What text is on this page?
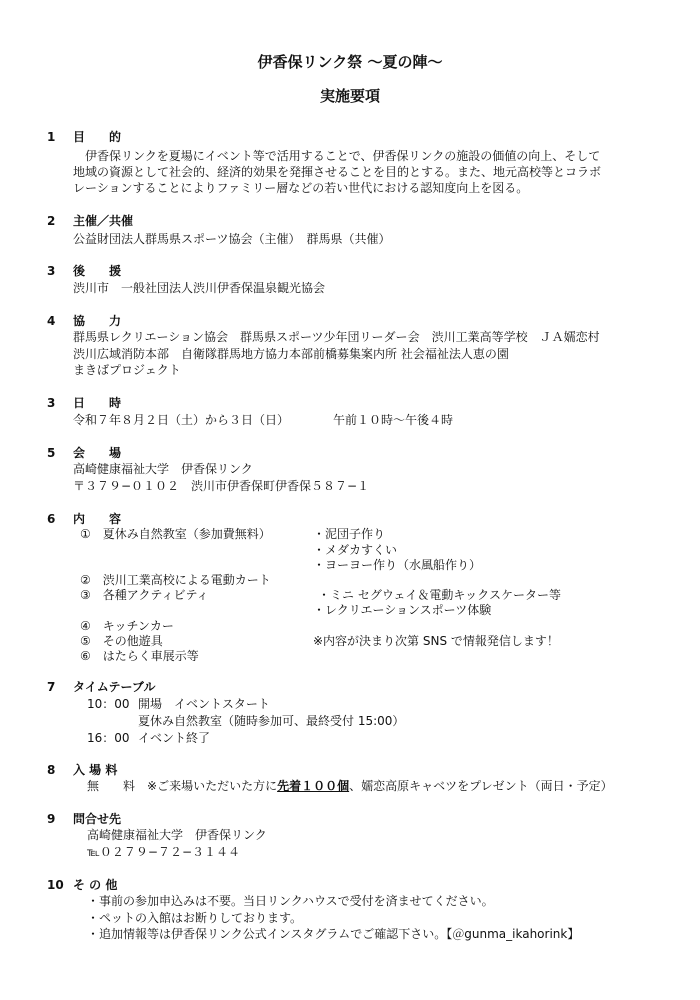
伊香保リンク祭 〜夏の陣〜
実施要項
1 目　　的
　伊香保リンクを夏場にイベント等で活用することで、伊香保リンクの施設の価値の向上、そして
地域の資源として社会的、経済的効果を発揮させることを目的とする。また、地元高校等とコラボ
レーションすることによりファミリー層などの若い世代における認知度向上を図る。
2 主催／共催
公益財団法人群馬県スポーツ協会（主催）　群馬県（共催）
3 後　　援
渋川市　一般社団法人渋川伊香保温泉観光協会
4 協　　力
群馬県レクリエーション協会　群馬県スポーツ少年団リーダー会　渋川工業高等学校　ＪＡ嬬恋村
渋川広域消防本部　自衛隊群馬地方協力本部前橋募集案内所 社会福祉法人恵の園
まきばプロジェクト
3 日　　時
令和７年８月２日（土）から３日（日）	午前１０時〜午後４時
5 会　　場
高崎健康福祉大学　伊香保リンク
〒３７９−０１０２　渋川市伊香保町伊香保５８７−１
6 内　　容
①　夏休み自然教室（参加費無料）	・泥団子作り
・メダカすくい
・ヨーヨー作り（水風船作り）
②　渋川工業高校による電動カート
③　各種アクティビティ	・ミニ セグウェイ＆電動キックスケーター等
・レクリエーションスポーツ体験
④　キッチンカー
⑤　その他遊具	※内容が決まり次第 SNS で情報発信します！
⑥　はたらく車展示等
7 タイムテーブル
10：00 開場　イベントスタート
夏休み自然教室（随時参加可、最終受付 15:00）
16：00 イベント終了
8 入 場 料
無　　料　 ※ご来場いただいた方に先着１００個、嬬恋高原キャベツをプレゼント（両日・予定）
9 問合せ先
高崎健康福祉大学　伊香保リンク
℡０２７９−７２−３１４４
10 そ の 他
・事前の参加申込みは不要。当日リンクハウスで受付を済ませてください。
・ペットの入館はお断りしております。
・追加情報等は伊香保リンク公式インスタグラムでご確認下さい。【＠gunma_ikahorink】
